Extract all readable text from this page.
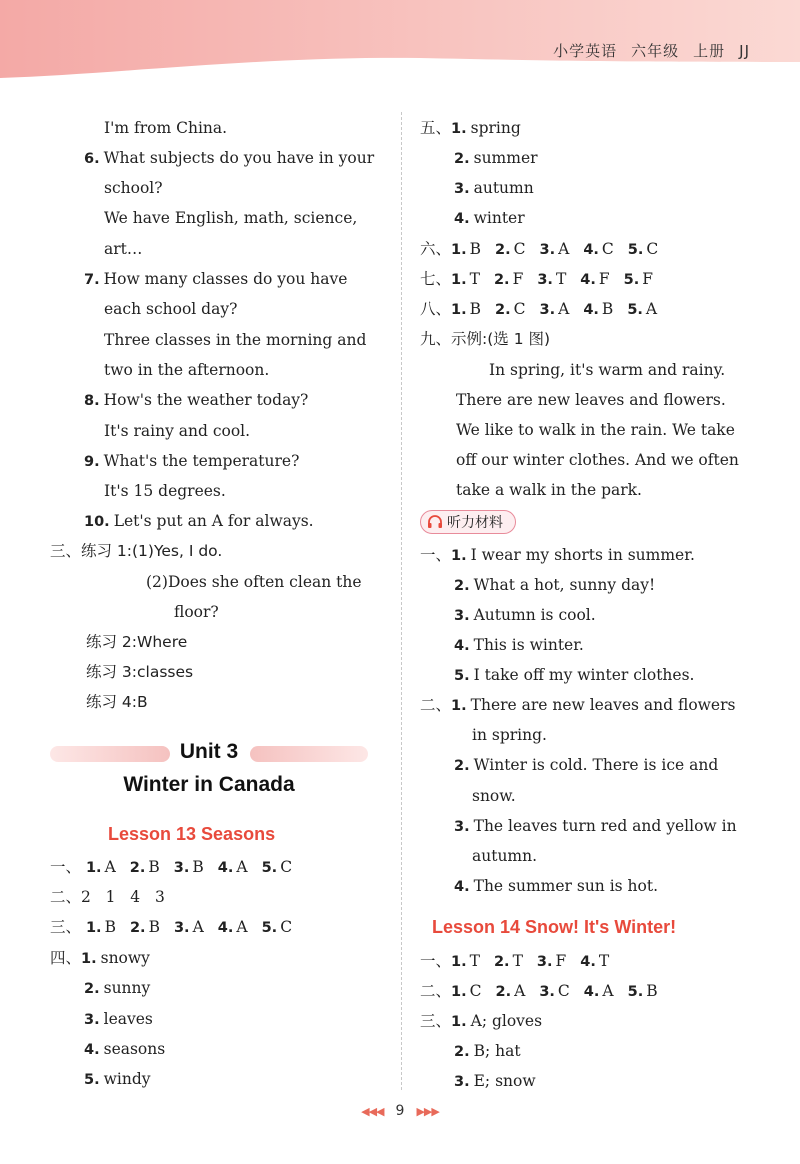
小学英语 六年级 上册 JJ
I'm from China.
6. What subjects do you have in your
school?
We have English, math, science,
art…
7. How many classes do you have
each school day?
Three classes in the morning and
two in the afternoon.
8. How's the weather today?
It's rainy and cool.
9. What's the temperature?
It's 15 degrees.
10. Let's put an A for always.
三、练习 1:(1)Yes, I do.
(2)Does she often clean the
floor?
练习 2:Where
练习 3:classes
练习 4:B
Unit 3
Winter in Canada
Lesson 13 Seasons
一、 1. A 2. B 3. B 4. A 5. C
二、2   1   4   3
三、 1. B 2. B 3. A 4. A 5. C
四、1. snowy
2. sunny
3. leaves
4. seasons
5. windy
五、1. spring
2. summer
3. autumn
4. winter
六、1. B 2. C 3. A 4. C 5. C
七、1. T 2. F 3. T 4. F 5. F
八、1. B 2. C 3. A 4. B 5. A
九、示例:(选 1 图)
In spring, it's warm and rainy.
There are new leaves and flowers.
We like to walk in the rain. We take
off our winter clothes. And we often
take a walk in the park.
听力材料
一、1. I wear my shorts in summer.
2. What a hot, sunny day!
3. Autumn is cool.
4. This is winter.
5. I take off my winter clothes.
二、1. There are new leaves and flowers
in spring.
2. Winter is cold. There is ice and
snow.
3. The leaves turn red and yellow in
autumn.
4. The summer sun is hot.
Lesson 14 Snow! It's Winter!
一、1. T 2. T 3. F 4. T
二、1. C 2. A 3. C 4. A 5. B
三、1. A; gloves
2. B; hat
3. E; snow
◀◀◀ 9 ▶▶▶
